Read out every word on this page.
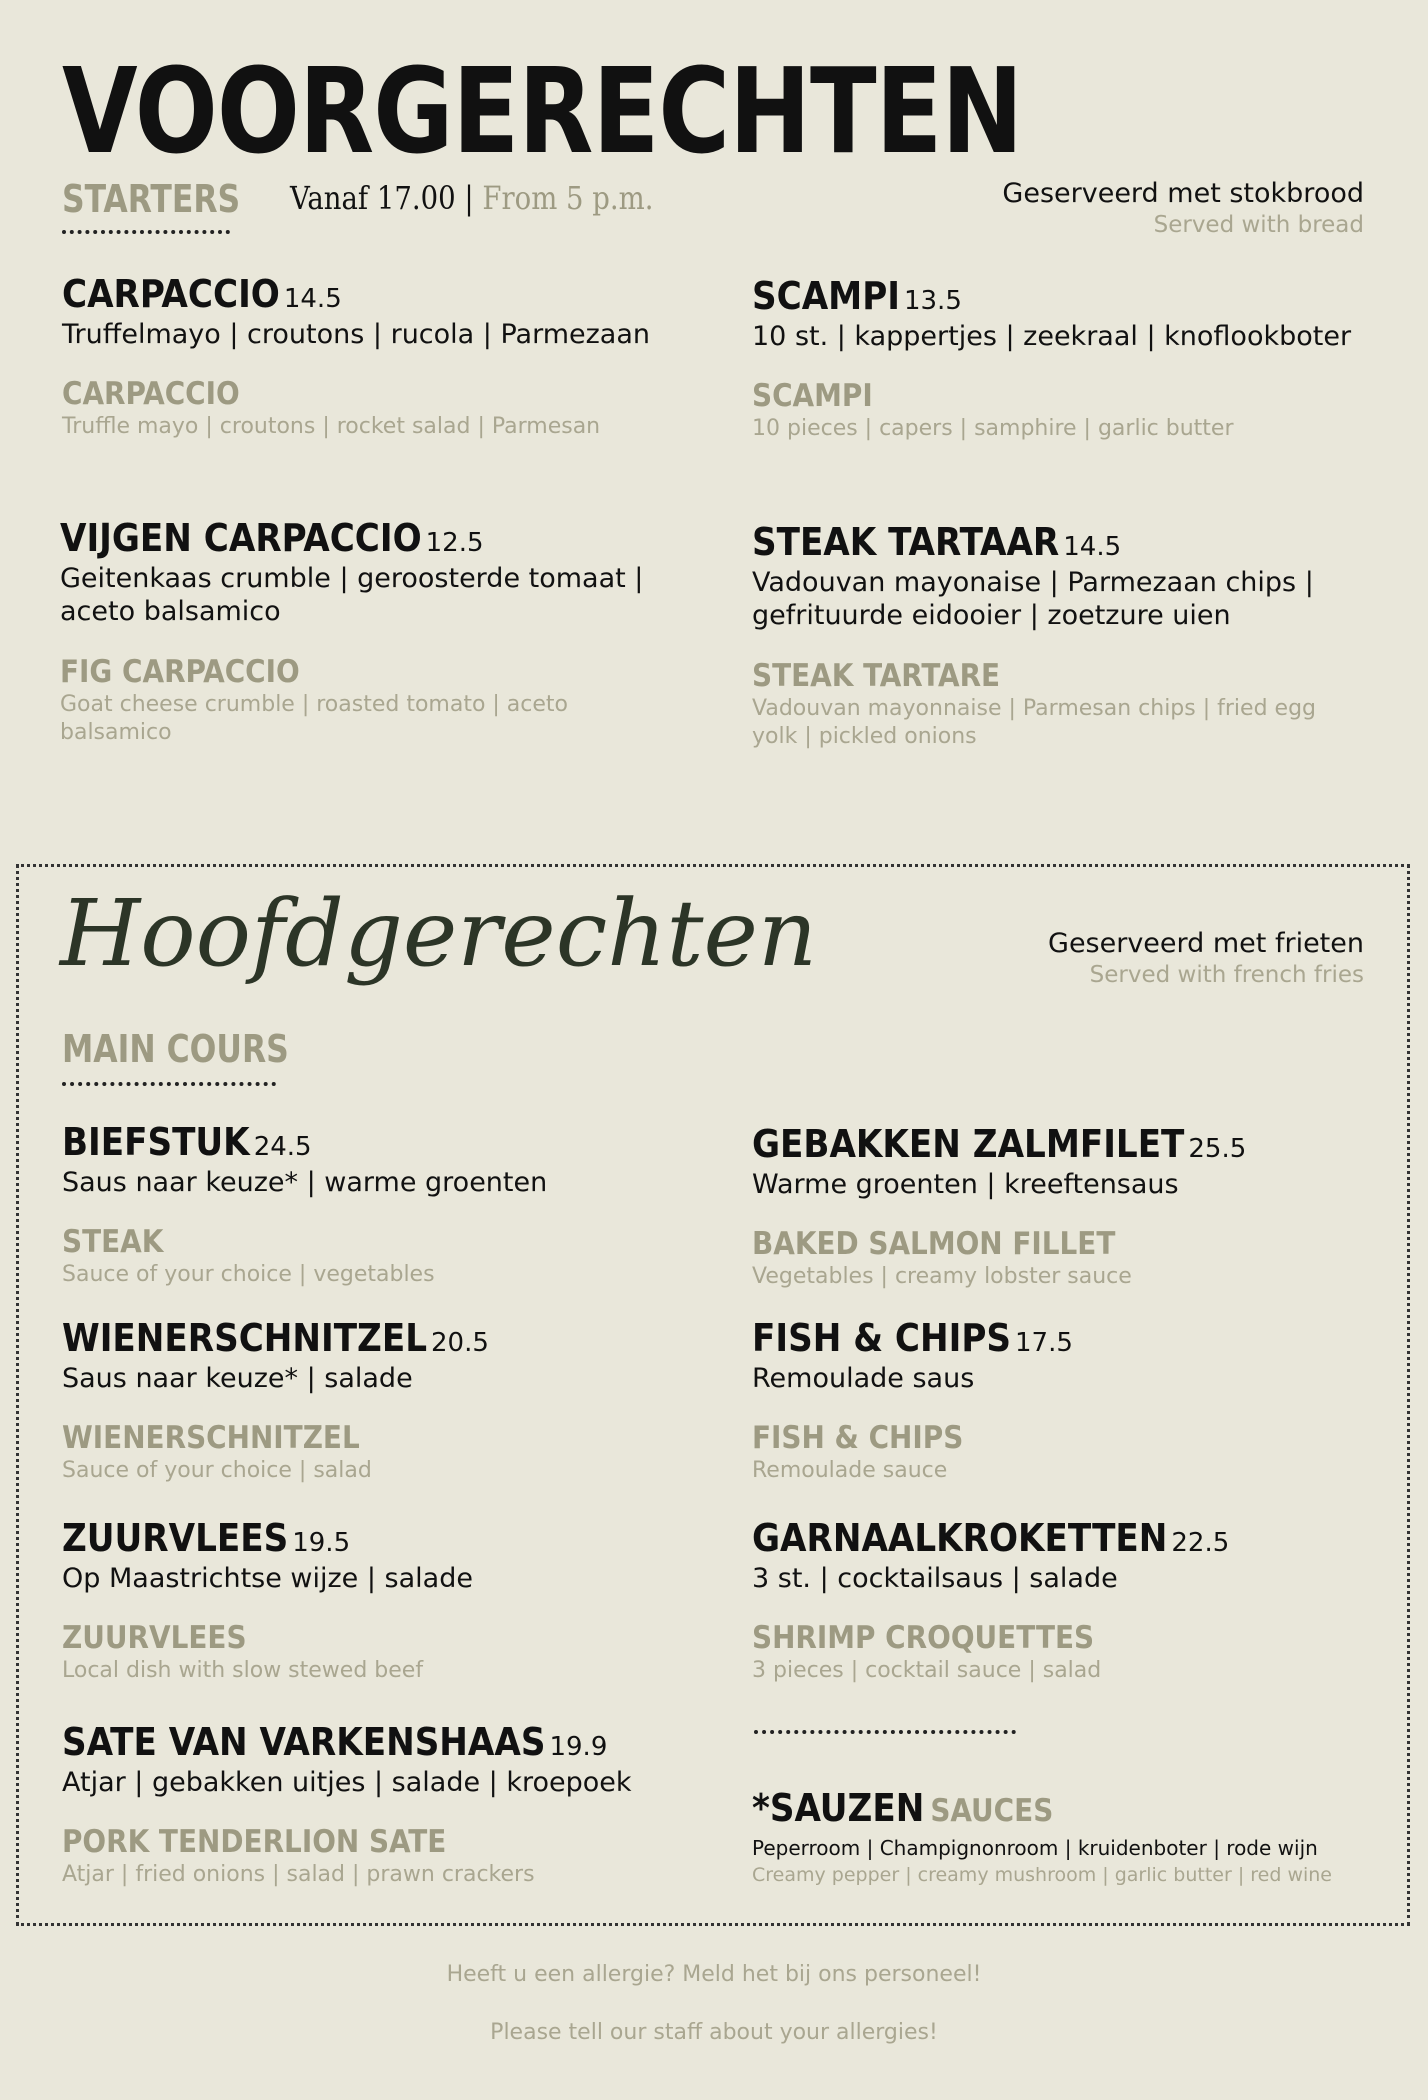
VOORGERECHTEN
STARTERS Vanaf 17.00 | From 5 p.m.	Geserveerd met stokbrood
Served with bread
CARPACCIO 14.5
Truffelmayo | croutons | rucola | Parmezaan
CARPACCIO
Truffle mayo | croutons | rocket salad | Parmesan
SCAMPI 13.5
10 st. | kappertjes | zeekraal | knoflookboter
SCAMPI
10 pieces | capers | samphire | garlic butter
VIJGEN CARPACCIO 12.5
Geitenkaas crumble | geroosterde tomaat | aceto balsamico
FIG CARPACCIO
Goat cheese crumble | roasted tomato | aceto balsamico
STEAK TARTAAR 14.5
Vadouvan mayonaise | Parmezaan chips | gefrituurde eidooier | zoetzure uien
STEAK TARTARE
Vadouvan mayonnaise | Parmesan chips | fried egg yolk | pickled onions
Hoofdgerechten	Geserveerd met frieten
Served with french fries
MAIN COURS
BIEFSTUK 24.5
Saus naar keuze* | warme groenten
STEAK
Sauce of your choice | vegetables
GEBAKKEN ZALMFILET 25.5
Warme groenten | kreeftensaus
BAKED SALMON FILLET
Vegetables | creamy lobster sauce
WIENERSCHNITZEL 20.5
Saus naar keuze* | salade
WIENERSCHNITZEL
Sauce of your choice | salad
FISH & CHIPS 17.5
Remoulade saus
FISH & CHIPS
Remoulade sauce
ZUURVLEES 19.5
Op Maastrichtse wijze | salade
ZUURVLEES
Local dish with slow stewed beef
GARNAALKROKETTEN 22.5
3 st. | cocktailsaus | salade
SHRIMP CROQUETTES
3 pieces | cocktail sauce | salad
SATE VAN VARKENSHAAS 19.9
Atjar | gebakken uitjes | salade | kroepoek
PORK TENDERLION SATE
Atjar | fried onions | salad | prawn crackers
*SAUZEN SAUCES
Peperroom | Champignonroom | kruidenboter | rode wijn
Creamy pepper | creamy mushroom | garlic butter | red wine
Heeft u een allergie? Meld het bij ons personeel!
Please tell our staff about your allergies!
